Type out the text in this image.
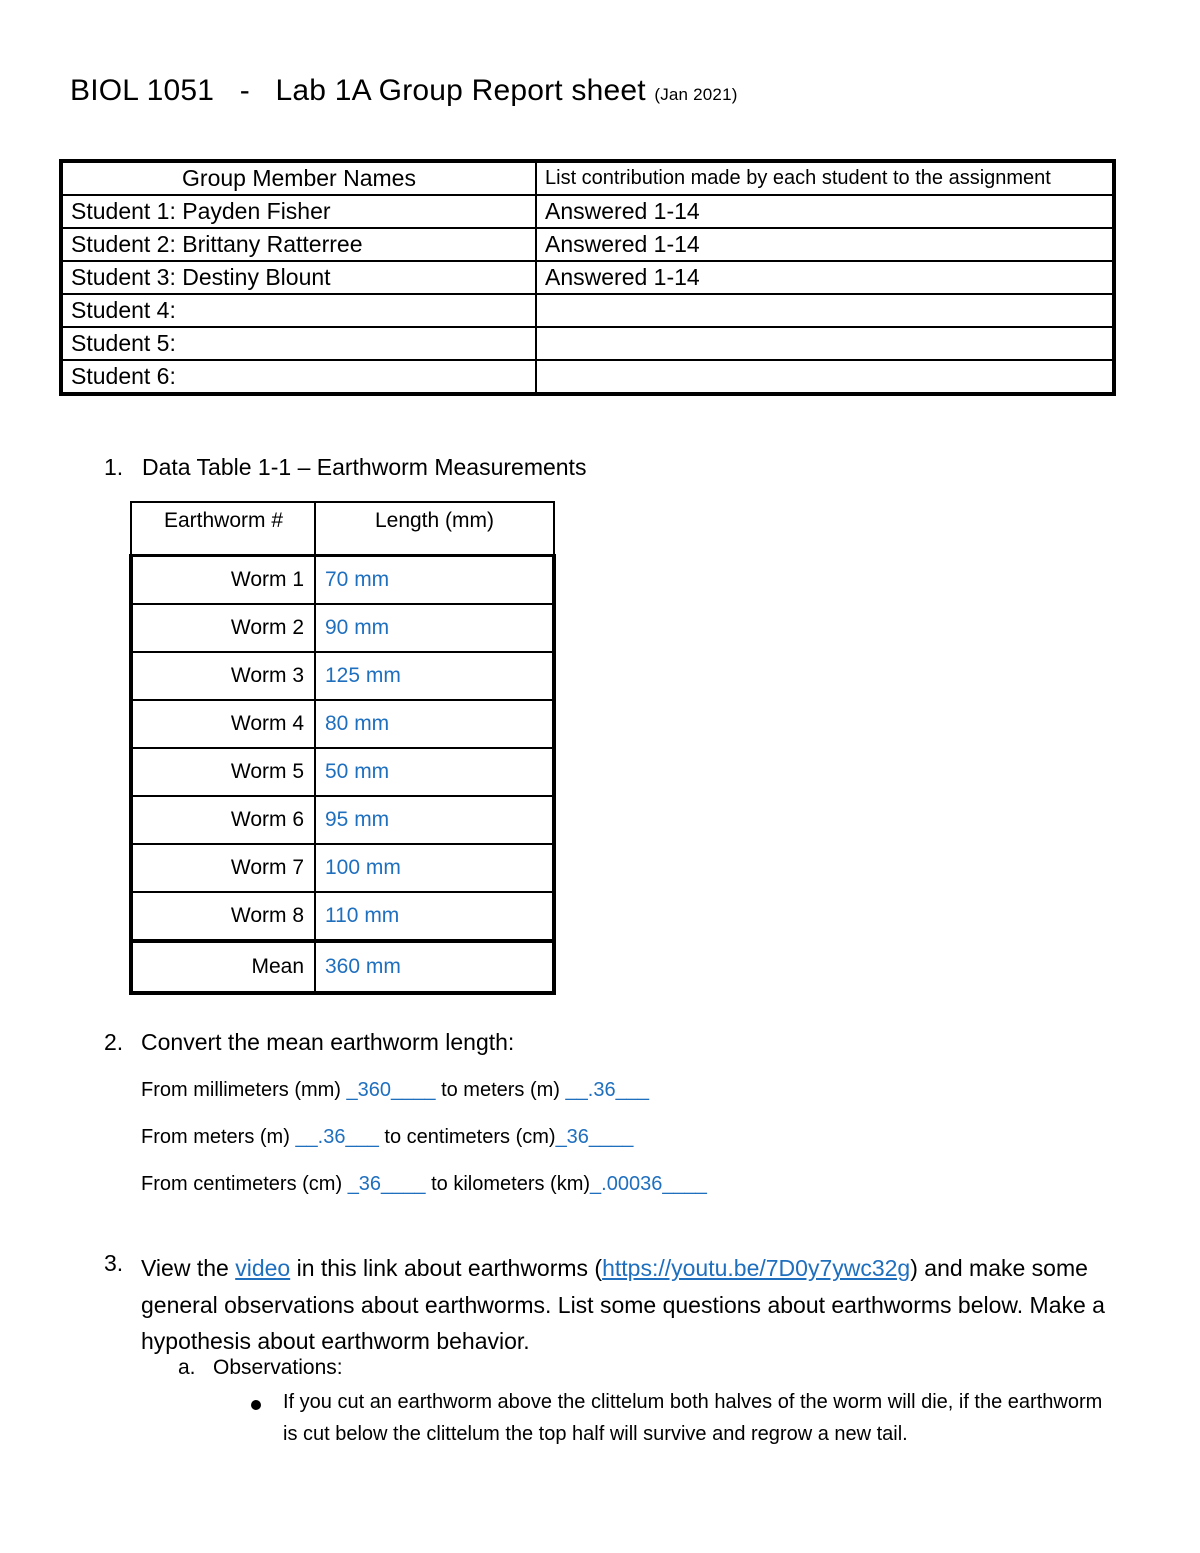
BIOL 1051   -   Lab 1A Group Report sheet (Jan 2021)
Group Member Names	List contribution made by each student to the assignment
Student 1: Payden Fisher	Answered 1-14
Student 2: Brittany Ratterree	Answered 1-14
Student 3: Destiny Blount	Answered 1-14
Student 4:	
Student 5:	
Student 6:	
1. Data Table 1-1 – Earthworm Measurements
Earthworm #	Length (mm)
Worm 1	70 mm
Worm 2	90 mm
Worm 3	125 mm
Worm 4	80 mm
Worm 5	50 mm
Worm 6	95 mm
Worm 7	100 mm
Worm 8	110 mm
Mean	360 mm
2. Convert the mean earthworm length:
From millimeters (mm) _360____ to meters (m) __.36___
From meters (m) __.36___ to centimeters (cm)_36____
From centimeters (cm) _36____ to kilometers (km)_.00036____
3. View the video in this link about earthworms (https://youtu.be/7D0y7ywc32g) and make some general observations about earthworms. List some questions about earthworms below. Make a hypothesis about earthworm behavior.
a. Observations:
If you cut an earthworm above the clittelum both halves of the worm will die, if the earthworm is cut below the clittelum the top half will survive and regrow a new tail.
